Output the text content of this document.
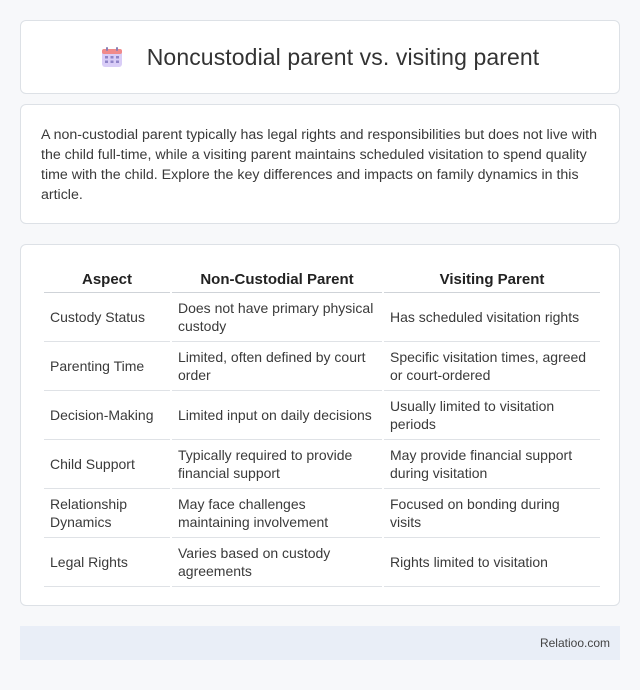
Noncustodial parent vs. visiting parent

A non-custodial parent typically has legal rights and responsibilities but does not live with the child full-time, while a visiting parent maintains scheduled visitation to spend quality time with the child. Explore the key differences and impacts on family dynamics in this article.

Aspect	Non-Custodial Parent	Visiting Parent
Custody Status	Does not have primary physical custody	Has scheduled visitation rights
Parenting Time	Limited, often defined by court order	Specific visitation times, agreed or court-ordered
Decision-Making	Limited input on daily decisions	Usually limited to visitation periods
Child Support	Typically required to provide financial support	May provide financial support during visitation
Relationship Dynamics	May face challenges maintaining involvement	Focused on bonding during visits
Legal Rights	Varies based on custody agreements	Rights limited to visitation
Relatioo.com
